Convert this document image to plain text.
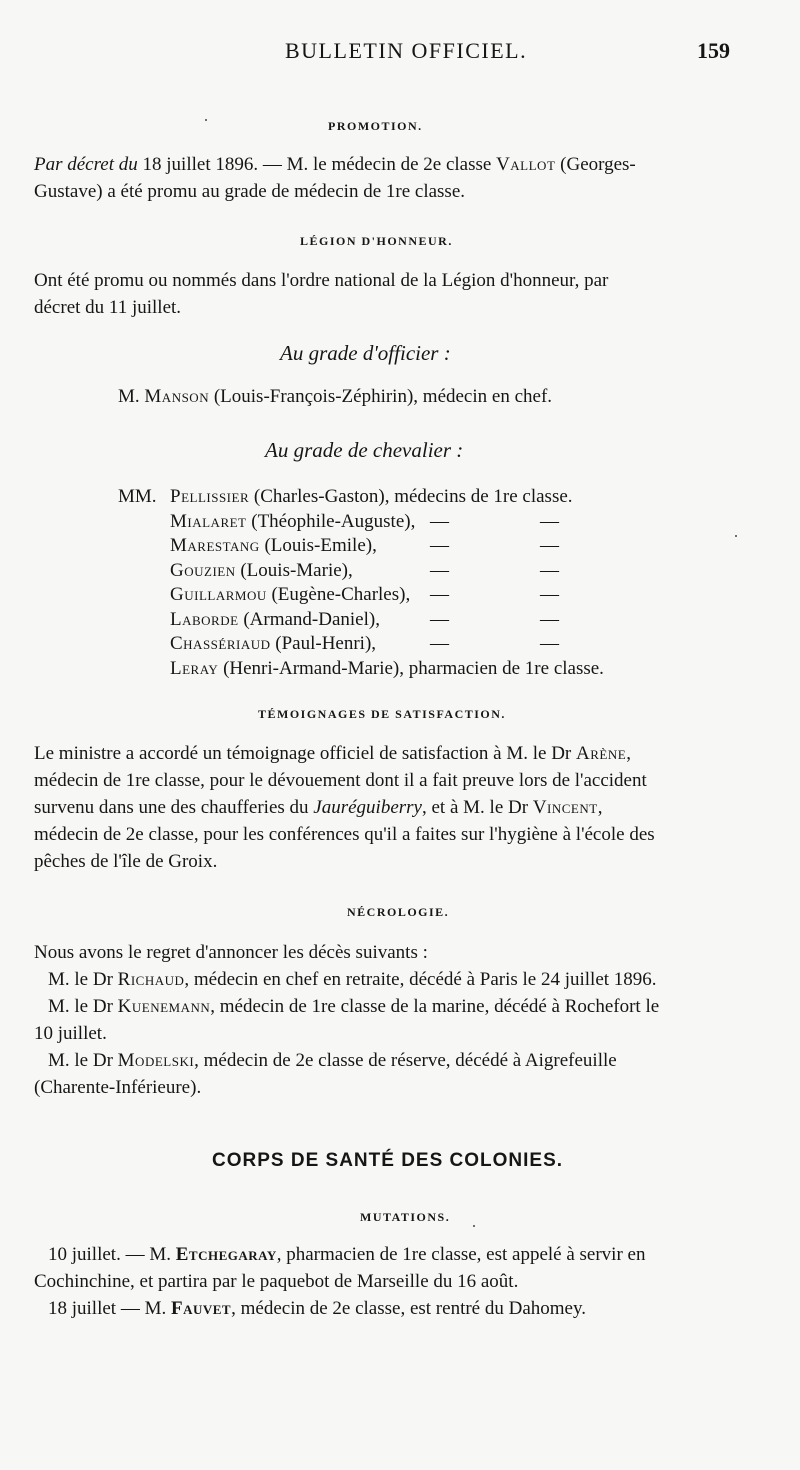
BULLETIN OFFICIEL.	159
PROMOTION.
Par décret du 18 juillet 1896. — M. le médecin de 2e classe Vallot (Georges-
Gustave) a été promu au grade de médecin de 1re classe.
LÉGION D'HONNEUR.
Ont été promu ou nommés dans l'ordre national de la Légion d'honneur, par
décret du 11 juillet.
Au grade d'officier :
M. Manson (Louis-François-Zéphirin), médecin en chef.
Au grade de chevalier :
MM. Pellissier (Charles-Gaston), médecins de 1re classe.
Mialaret (Théophile-Auguste), —	—
Marestang (Louis-Emile),	—	—
Gouzien (Louis-Marie),	—	—
Guillarmou (Eugène-Charles), —	—
Laborde (Armand-Daniel),	—	—
Chassériaud (Paul-Henri),	—	—
Leray (Henri-Armand-Marie), pharmacien de 1re classe.
TÉMOIGNAGES DE SATISFACTION.
Le ministre a accordé un témoignage officiel de satisfaction à M. le Dr Arène,
médecin de 1re classe, pour le dévouement dont il a fait preuve lors de l'accident
survenu dans une des chaufferies du Jauréguiberry, et à M. le Dr Vincent,
médecin de 2e classe, pour les conférences qu'il a faites sur l'hygiène à l'école des
pêches de l'île de Groix.
NÉCROLOGIE.
Nous avons le regret d'annoncer les décès suivants :
M. le Dr Richaud, médecin en chef en retraite, décédé à Paris le 24 juillet 1896.
M. le Dr Kuenemann, médecin de 1re classe de la marine, décédé à Rochefort le
10 juillet.
M. le Dr Modelski, médecin de 2e classe de réserve, décédé à Aigrefeuille
(Charente-Inférieure).
CORPS DE SANTÉ DES COLONIES.
MUTATIONS.
10 juillet. — M. Etchegaray, pharmacien de 1re classe, est appelé à servir en
Cochinchine, et partira par le paquebot de Marseille du 16 août.
18 juillet — M. Fauvet, médecin de 2e classe, est rentré du Dahomey.
